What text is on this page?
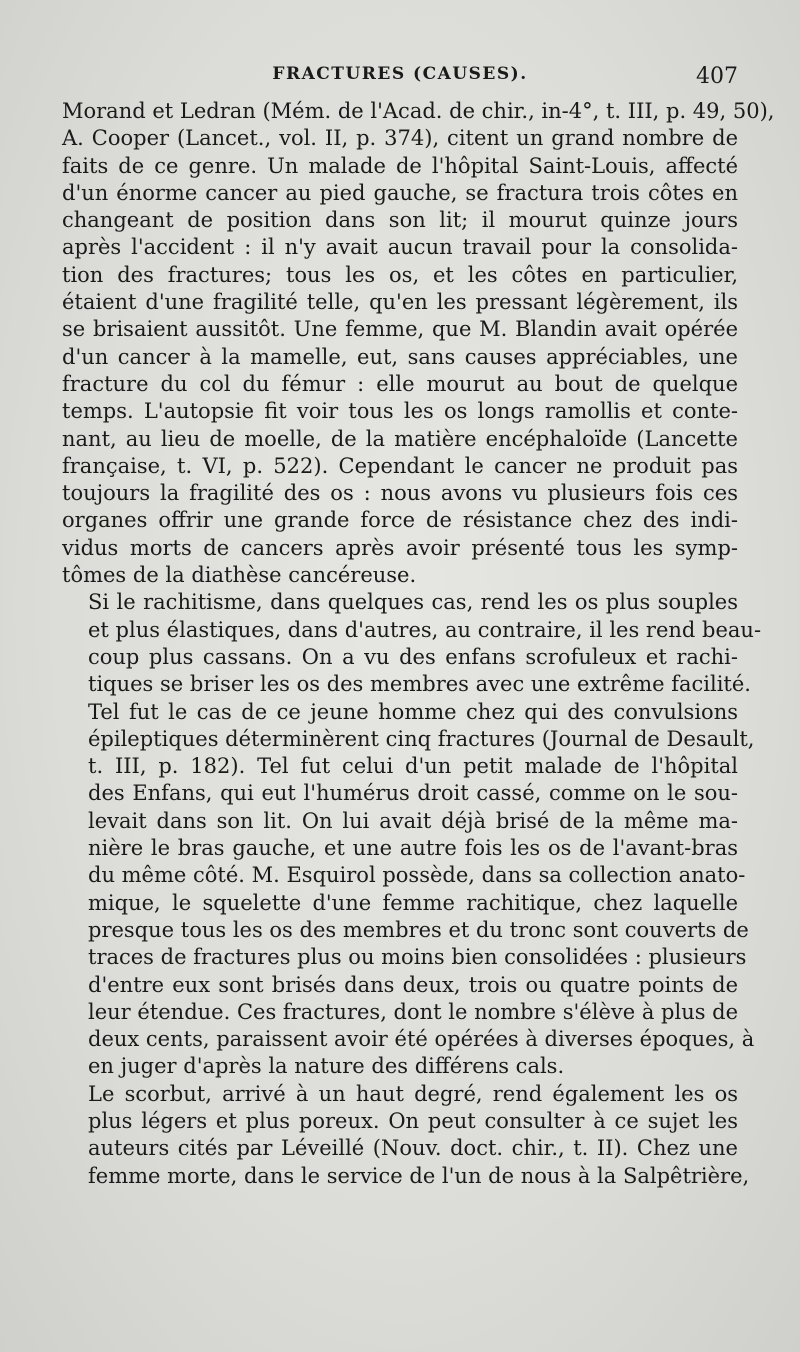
FRACTURES (CAUSES).	407
Morand et Ledran (Mém. de l'Acad. de chir., in-4°, t. III, p. 49, 50),
A. Cooper (Lancet., vol. II, p. 374), citent un grand nombre de
faits de ce genre. Un malade de l'hôpital Saint-Louis, affecté
d'un énorme cancer au pied gauche, se fractura trois côtes en
changeant de position dans son lit; il mourut quinze jours
après l'accident : il n'y avait aucun travail pour la consolida-
tion des fractures; tous les os, et les côtes en particulier,
étaient d'une fragilité telle, qu'en les pressant légèrement, ils
se brisaient aussitôt. Une femme, que M. Blandin avait opérée
d'un cancer à la mamelle, eut, sans causes appréciables, une
fracture du col du fémur : elle mourut au bout de quelque
temps. L'autopsie fit voir tous les os longs ramollis et conte-
nant, au lieu de moelle, de la matière encéphaloïde (Lancette
française, t. VI, p. 522). Cependant le cancer ne produit pas
toujours la fragilité des os : nous avons vu plusieurs fois ces
organes offrir une grande force de résistance chez des indi-
vidus morts de cancers après avoir présenté tous les symp-
tômes de la diathèse cancéreuse.
Si le rachitisme, dans quelques cas, rend les os plus souples
et plus élastiques, dans d'autres, au contraire, il les rend beau-
coup plus cassans. On a vu des enfans scrofuleux et rachi-
tiques se briser les os des membres avec une extrême facilité.
Tel fut le cas de ce jeune homme chez qui des convulsions
épileptiques déterminèrent cinq fractures (Journal de Desault,
t. III, p. 182). Tel fut celui d'un petit malade de l'hôpital
des Enfans, qui eut l'humérus droit cassé, comme on le sou-
levait dans son lit. On lui avait déjà brisé de la même ma-
nière le bras gauche, et une autre fois les os de l'avant-bras
du même côté. M. Esquirol possède, dans sa collection anato-
mique, le squelette d'une femme rachitique, chez laquelle
presque tous les os des membres et du tronc sont couverts de
traces de fractures plus ou moins bien consolidées : plusieurs
d'entre eux sont brisés dans deux, trois ou quatre points de
leur étendue. Ces fractures, dont le nombre s'élève à plus de
deux cents, paraissent avoir été opérées à diverses époques, à
en juger d'après la nature des différens cals.
Le scorbut, arrivé à un haut degré, rend également les os
plus légers et plus poreux. On peut consulter à ce sujet les
auteurs cités par Léveillé (Nouv. doct. chir., t. II). Chez une
femme morte, dans le service de l'un de nous à la Salpêtrière,
